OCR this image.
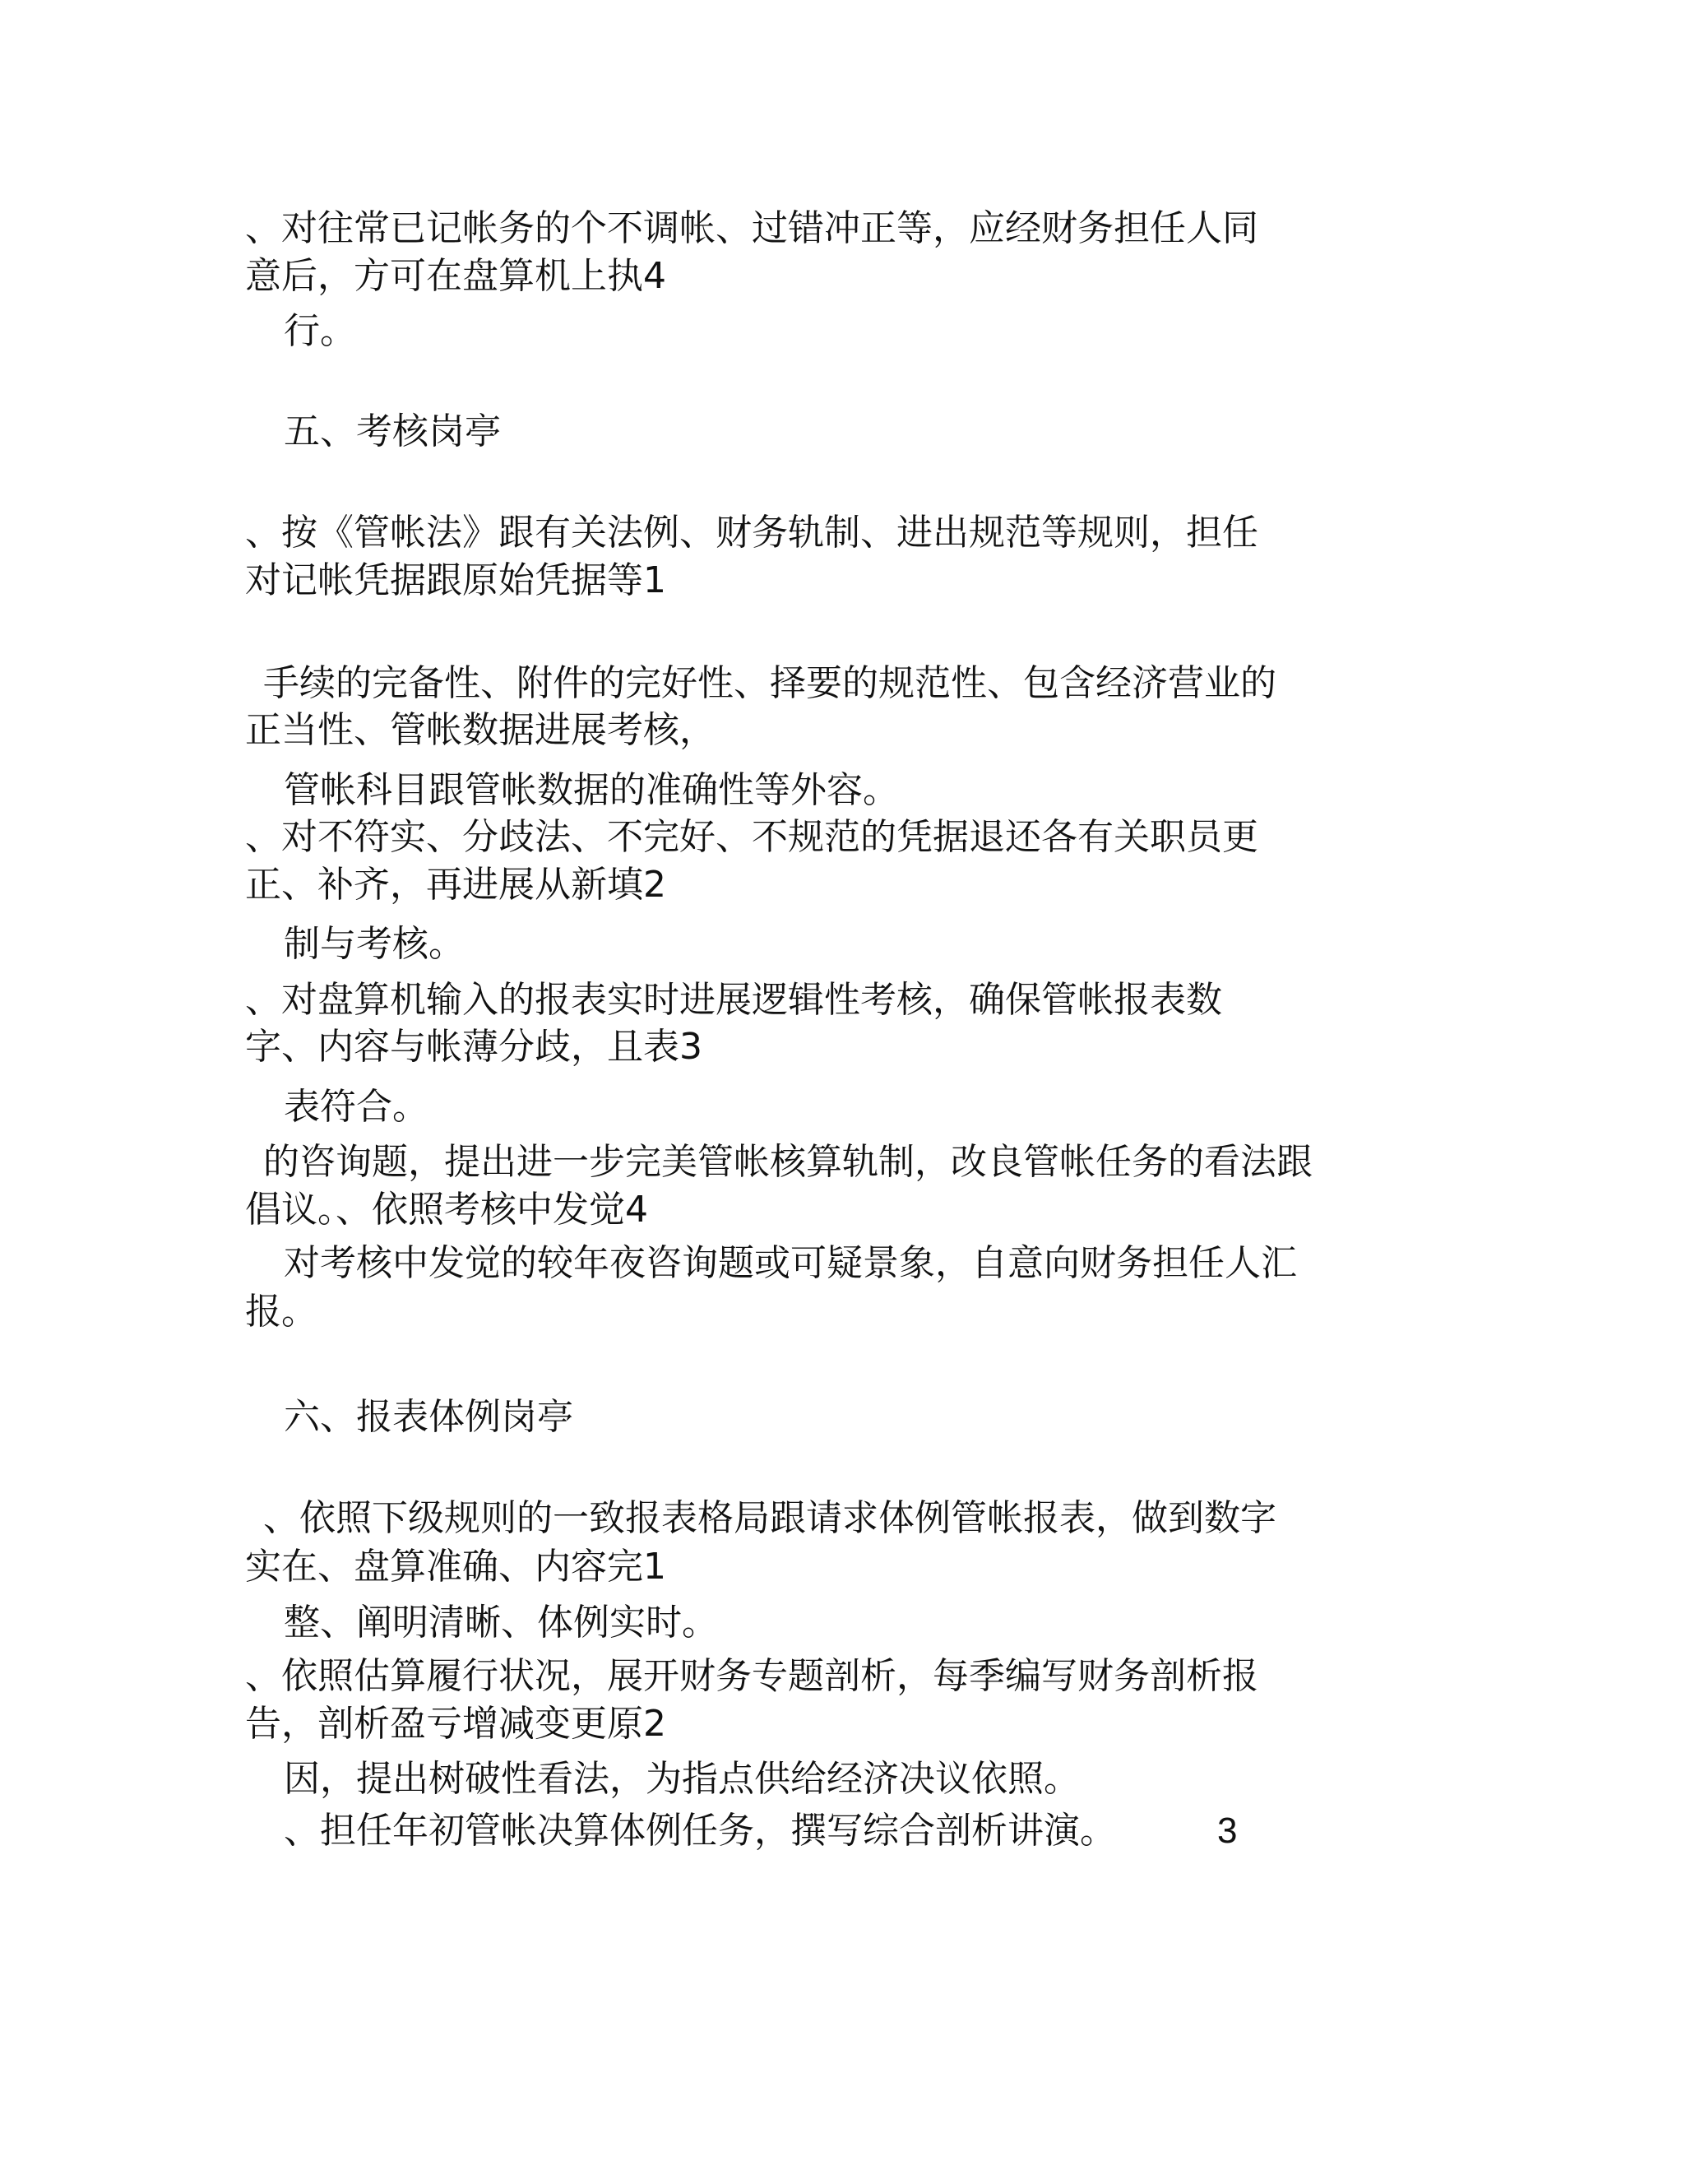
、对往常已记帐务的个不调帐、过错冲正等，应经财务担任人同

意后，方可在盘算机上执4

行。

五、考核岗亭

、按《管帐法》跟有关法例、财务轨制、进出规范等规则，担任

对记帐凭据跟原始凭据等1

手续的完备性、附件的完好性、择要的规范性、包含经济营业的

正当性、管帐数据进展考核，

管帐科目跟管帐数据的准确性等外容。

、对不符实、分歧法、不完好、不规范的凭据退还各有关职员更

正、补齐，再进展从新填2

制与考核。

、对盘算机输入的报表实时进展逻辑性考核，确保管帐报表数

字、内容与帐薄分歧，且表3

表符合。

的咨询题，提出进一步完美管帐核算轨制，改良管帐任务的看法跟

倡议。、依照考核中发觉4

对考核中发觉的较年夜咨询题或可疑景象，自意向财务担任人汇

报。

六、报表体例岗亭

、依照下级规则的一致报表格局跟请求体例管帐报表，做到数字

实在、盘算准确、内容完1

整、阐明清晰、体例实时。

、依照估算履行状况，展开财务专题剖析，每季编写财务剖析报

告，剖析盈亏增减变更原2

因，提出树破性看法，为指点供给经济决议依照。

、担任年初管帐决算体例任务，撰写综合剖析讲演。	3
